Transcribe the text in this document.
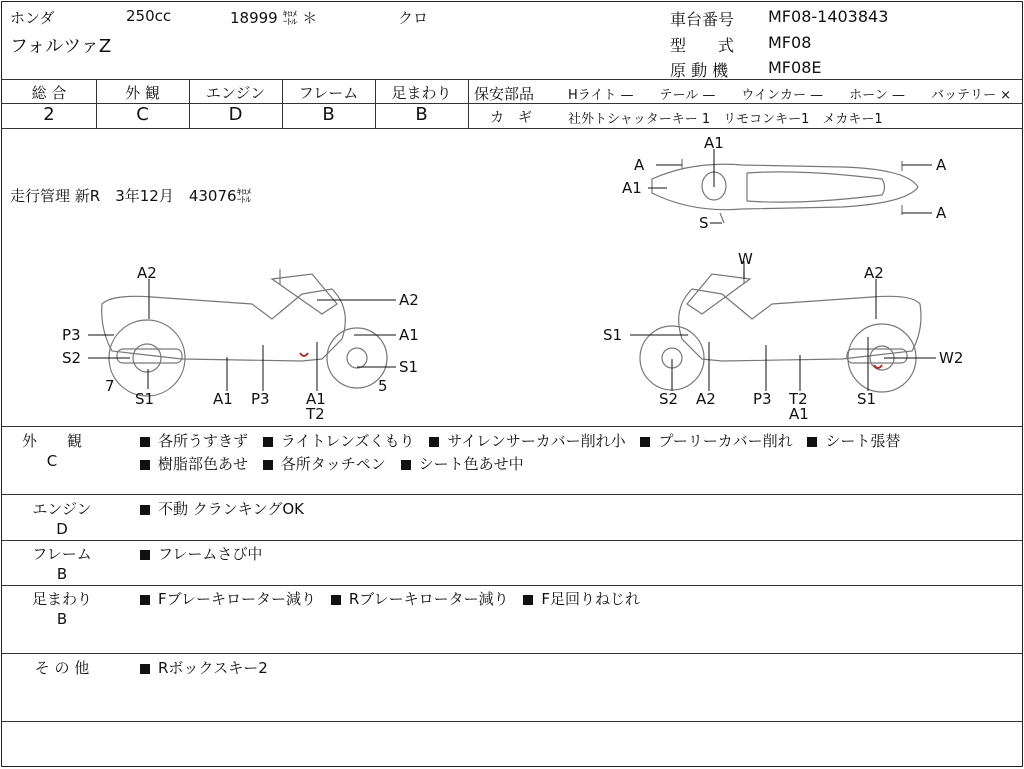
ホンダ	250cc	18999 ㌖ ＊	クロ
フォルツァZ
車台番号 MF08-1403843
型　　式 MF08
原 動 機 MF08E
総 合	外 観	エンジン	フレーム	足まわり
2	C	D	B	B
保安部品	Hライト —　　テール —　　ウインカー —　　ホーン —　　バッテリー ×
カ　ギ	社外トシャッターキー 1　リモコンキー1　メカキー1
走行管理 新R　3年12月　43076㌖
A
A1
A1
S
A
A
A2
A2
P3	A1
S2	S1
7	5
S1	A1 P3 A1
T2
W
A2
S1
W2
S2 A2 P3 T2
A1
S1
外　　観
C
各所うすきず ライトレンズくもり サイレンサーカバー削れ小 プーリーカバー削れ シート張替
樹脂部色あせ 各所タッチペン シート色あせ中
エンジン
D
不動 クランキングOK
フレーム
B
フレームさび中
足まわり
B
Fブレーキローター減り Rブレーキローター減り F足回りねじれ
そ の 他	Rボックスキー2
